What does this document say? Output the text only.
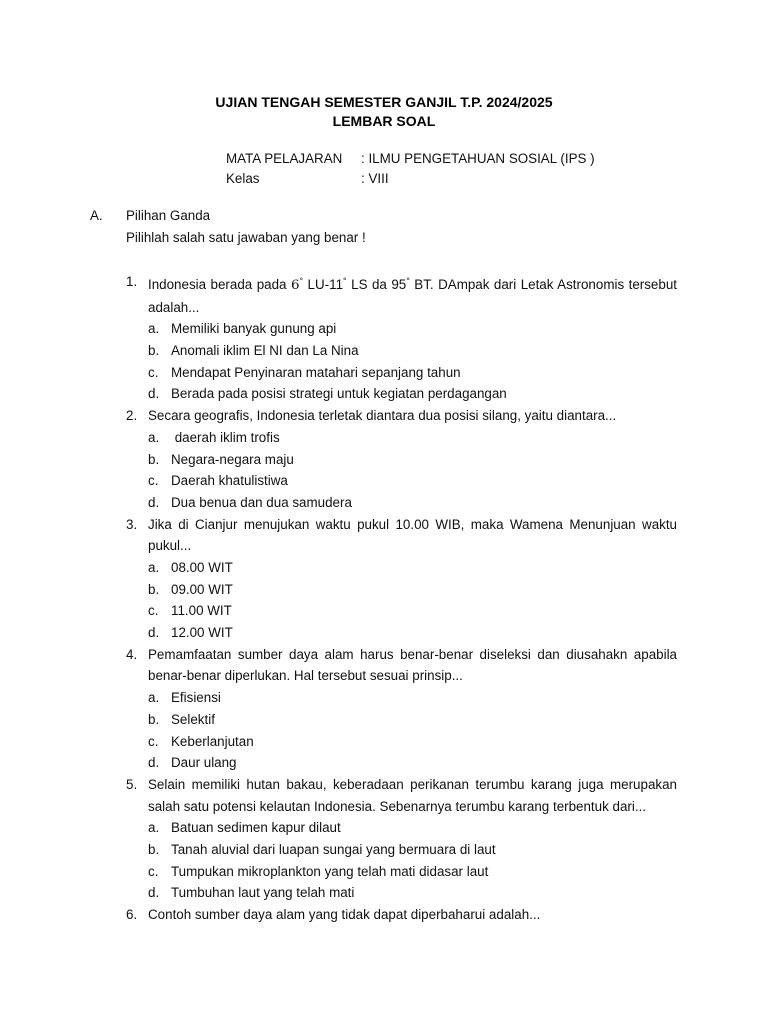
UJIAN TENGAH SEMESTER GANJIL T.P. 2024/2025
LEMBAR SOAL
MATA PELAJARAN : ILMU PENGETAHUAN SOSIAL (IPS )
Kelas	: VIII
A. Pilihan Ganda
Pilihlah salah satu jawaban yang benar !
1. Indonesia berada pada 6° LU-11° LS da 95° BT. DAmpak dari Letak Astronomis tersebut adalah...
a. Memiliki banyak gunung api
b. Anomali iklim El NI dan La Nina
c. Mendapat Penyinaran matahari sepanjang tahun
d. Berada pada posisi strategi untuk kegiatan perdagangan
2. Secara geografis, Indonesia terletak diantara dua posisi silang, yaitu diantara...
a. daerah iklim trofis
b. Negara-negara maju
c. Daerah khatulistiwa
d. Dua benua dan dua samudera
3. Jika di Cianjur menujukan waktu pukul 10.00 WIB, maka Wamena Menunjuan waktu pukul...
a. 08.00 WIT
b. 09.00 WIT
c. 11.00 WIT
d. 12.00 WIT
4. Pemamfaatan sumber daya alam harus benar-benar diseleksi dan diusahakn apabila benar-benar diperlukan. Hal tersebut sesuai prinsip...
a. Efisiensi
b. Selektif
c. Keberlanjutan
d. Daur ulang
5. Selain memiliki hutan bakau, keberadaan perikanan terumbu karang juga merupakan salah satu potensi kelautan Indonesia. Sebenarnya terumbu karang terbentuk dari...
a. Batuan sedimen kapur dilaut
b. Tanah aluvial dari luapan sungai yang bermuara di laut
c. Tumpukan mikroplankton yang telah mati didasar laut
d. Tumbuhan laut yang telah mati
6. Contoh sumber daya alam yang tidak dapat diperbaharui adalah...
